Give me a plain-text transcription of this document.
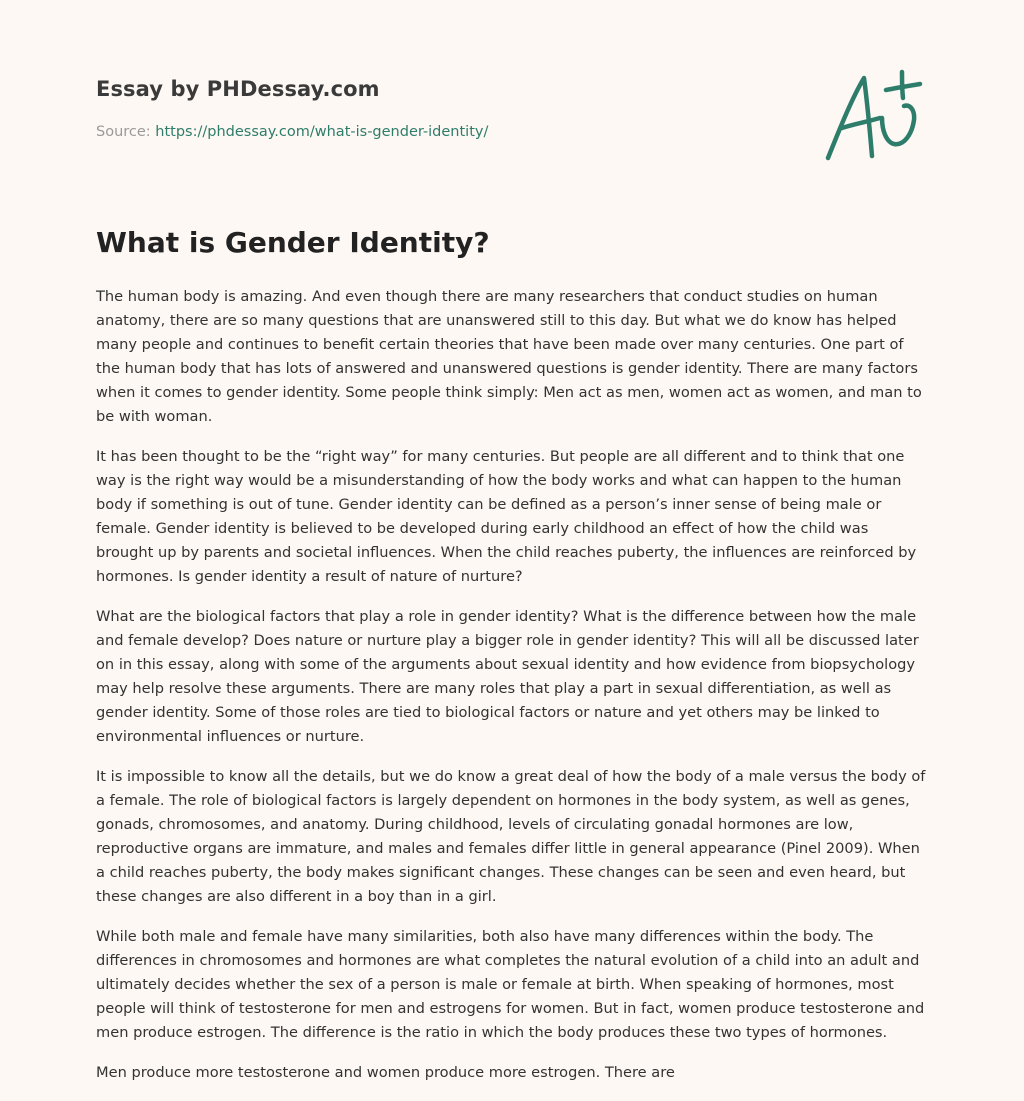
Essay by PHDessay.com
Source: https://phdessay.com/what-is-gender-identity/
What is Gender Identity?

The human body is amazing. And even though there are many researchers that conduct studies on human anatomy, there are so many questions that are unanswered still to this day. But what we do know has helped many people and continues to benefit certain theories that have been made over many centuries. One part of the human body that has lots of answered and unanswered questions is gender identity. There are many factors when it comes to gender identity. Some people think simply: Men act as men, women act as women, and man to be with woman.

It has been thought to be the “right way” for many centuries. But people are all different and to think that one way is the right way would be a misunderstanding of how the body works and what can happen to the human body if something is out of tune. Gender identity can be defined as a person’s inner sense of being male or female. Gender identity is believed to be developed during early childhood an effect of how the child was brought up by parents and societal influences. When the child reaches puberty, the influences are reinforced by hormones. Is gender identity a result of nature of nurture?

What are the biological factors that play a role in gender identity? What is the difference between how the male and female develop? Does nature or nurture play a bigger role in gender identity? This will all be discussed later on in this essay, along with some of the arguments about sexual identity and how evidence from biopsychology may help resolve these arguments. There are many roles that play a part in sexual differentiation, as well as gender identity. Some of those roles are tied to biological factors or nature and yet others may be linked to environmental influences or nurture.

It is impossible to know all the details, but we do know a great deal of how the body of a male versus the body of a female. The role of biological factors is largely dependent on hormones in the body system, as well as genes, gonads, chromosomes, and anatomy. During childhood, levels of circulating gonadal hormones are low, reproductive organs are immature, and males and females differ little in general appearance (Pinel 2009). When a child reaches puberty, the body makes significant changes. These changes can be seen and even heard, but these changes are also different in a boy than in a girl.

While both male and female have many similarities, both also have many differences within the body. The differences in chromosomes and hormones are what completes the natural evolution of a child into an adult and ultimately decides whether the sex of a person is male or female at birth. When speaking of hormones, most people will think of testosterone for men and estrogens for women. But in fact, women produce testosterone and men produce estrogen. The difference is the ratio in which the body produces these two types of hormones.

Men produce more testosterone and women produce more estrogen. There are
